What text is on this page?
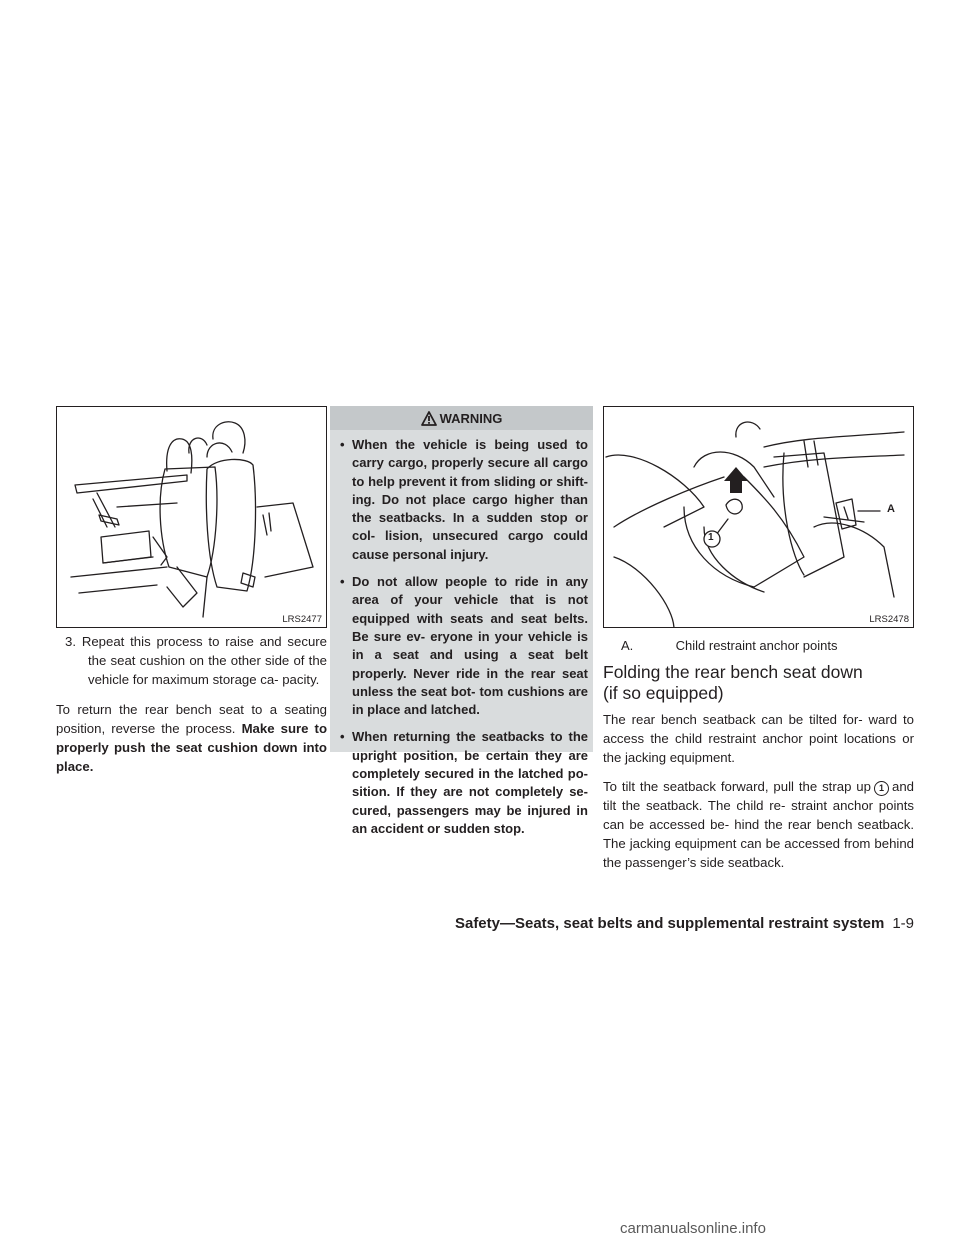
LRS2477

3. Repeat this process to raise and secure the seat cushion on the other side of the vehicle for maximum storage ca- pacity.

To return the rear bench seat to a seating position, reverse the process. Make sure to properly push the seat cushion down into place.

WARNING
• When the vehicle is being used to carry cargo, properly secure all cargo to help prevent it from sliding or shift- ing. Do not place cargo higher than the seatbacks. In a sudden stop or col- lision, unsecured cargo could cause personal injury.
• Do not allow people to ride in any area of your vehicle that is not equipped with seats and seat belts. Be sure ev- eryone in your vehicle is in a seat and using a seat belt properly. Never ride in the rear seat unless the seat bot- tom cushions are in place and latched.
• When returning the seatbacks to the upright position, be certain they are completely secured in the latched po- sition. If they are not completely se- cured, passengers may be injured in an accident or sudden stop.
1
A
LRS2478
A.	Child restraint anchor points
Folding the rear bench seat down
(if so equipped)

The rear bench seatback can be tilted for- ward to access the child restraint anchor point locations or the jacking equipment.

To tilt the seatback forward, pull the strap up 1 and tilt the seatback. The child re- straint anchor points can be accessed be- hind the rear bench seatback. The jacking equipment can be accessed from behind the passenger’s side seatback.

Safety—Seats, seat belts and supplemental restraint system 1-9
carmanualsonline.info
